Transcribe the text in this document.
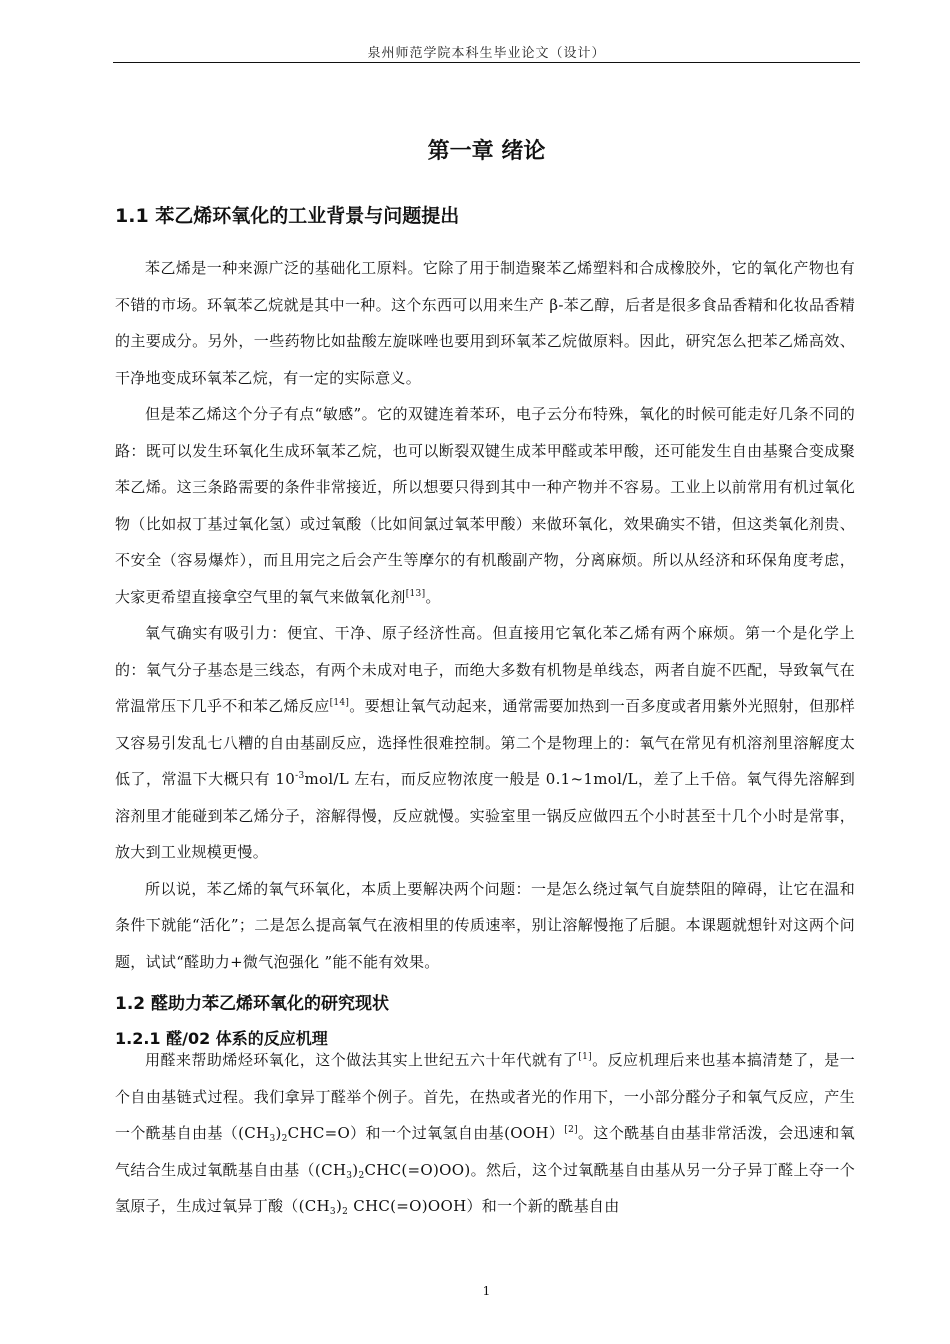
泉州师范学院本科生毕业论文（设计）
第一章 绪论
1.1 苯乙烯环氧化的工业背景与问题提出

苯乙烯是一种来源广泛的基础化工原料。它除了用于制造聚苯乙烯塑料和合成橡胶外，它的氧化产物也有不错的市场。环氧苯乙烷就是其中一种。这个东西可以用来生产 β-苯乙醇，后者是很多食品香精和化妆品香精的主要成分。另外，一些药物比如盐酸左旋咪唑也要用到环氧苯乙烷做原料。因此，研究怎么把苯乙烯高效、干净地变成环氧苯乙烷，有一定的实际意义。

但是苯乙烯这个分子有点“敏感”。它的双键连着苯环，电子云分布特殊，氧化的时候可能走好几条不同的路：既可以发生环氧化生成环氧苯乙烷，也可以断裂双键生成苯甲醛或苯甲酸，还可能发生自由基聚合变成聚苯乙烯。这三条路需要的条件非常接近，所以想要只得到其中一种产物并不容易。工业上以前常用有机过氧化物（比如叔丁基过氧化氢）或过氧酸（比如间氯过氧苯甲酸）来做环氧化，效果确实不错，但这类氧化剂贵、不安全（容易爆炸），而且用完之后会产生等摩尔的有机酸副产物，分离麻烦。所以从经济和环保角度考虑，大家更希望直接拿空气里的氧气来做氧化剂[13]。

氧气确实有吸引力：便宜、干净、原子经济性高。但直接用它氧化苯乙烯有两个麻烦。第一个是化学上的：氧气分子基态是三线态，有两个未成对电子，而绝大多数有机物是单线态，两者自旋不匹配，导致氧气在常温常压下几乎不和苯乙烯反应[14]。要想让氧气动起来，通常需要加热到一百多度或者用紫外光照射，但那样又容易引发乱七八糟的自由基副反应，选择性很难控制。第二个是物理上的：氧气在常见有机溶剂里溶解度太低了，常温下大概只有 $10^{-3}mol/L$ 左右，而反应物浓度一般是 0.1~1mol/L，差了上千倍。氧气得先溶解到溶剂里才能碰到苯乙烯分子，溶解得慢，反应就慢。实验室里一锅反应做四五个小时甚至十几个小时是常事，放大到工业规模更慢。

所以说，苯乙烯的氧气环氧化，本质上要解决两个问题：一是怎么绕过氧气自旋禁阻的障碍，让它在温和条件下就能“活化”；二是怎么提高氧气在液相里的传质速率，别让溶解慢拖了后腿。本课题就想针对这两个问题，试试“醛助力+微气泡强化 ”能不能有效果。

1.2 醛助力苯乙烯环氧化的研究现状
1.2.1 醛/02 体系的反应机理

用醛来帮助烯烃环氧化，这个做法其实上世纪五六十年代就有了[1]。反应机理后来也基本搞清楚了，是一个自由基链式过程。我们拿异丁醛举个例子。首先，在热或者光的作用下，一小部分醛分子和氧气反应，产生一个酰基自由基$((CH_3)_2CHC=O)$和一个过氧氢自由基(OOH）[2]。这个酰基自由基非常活泼，会迅速和氧气结合生成过氧酰基自由基$((CH_3)_2CHC(=O)OO)$。然后，这个过氧酰基自由基从另一分子异丁醛上夺一个氢原子，生成过氧异丁酸（$(CH_3)_2$ CHC(=O)OOH）和一个新的酰基自由

1
